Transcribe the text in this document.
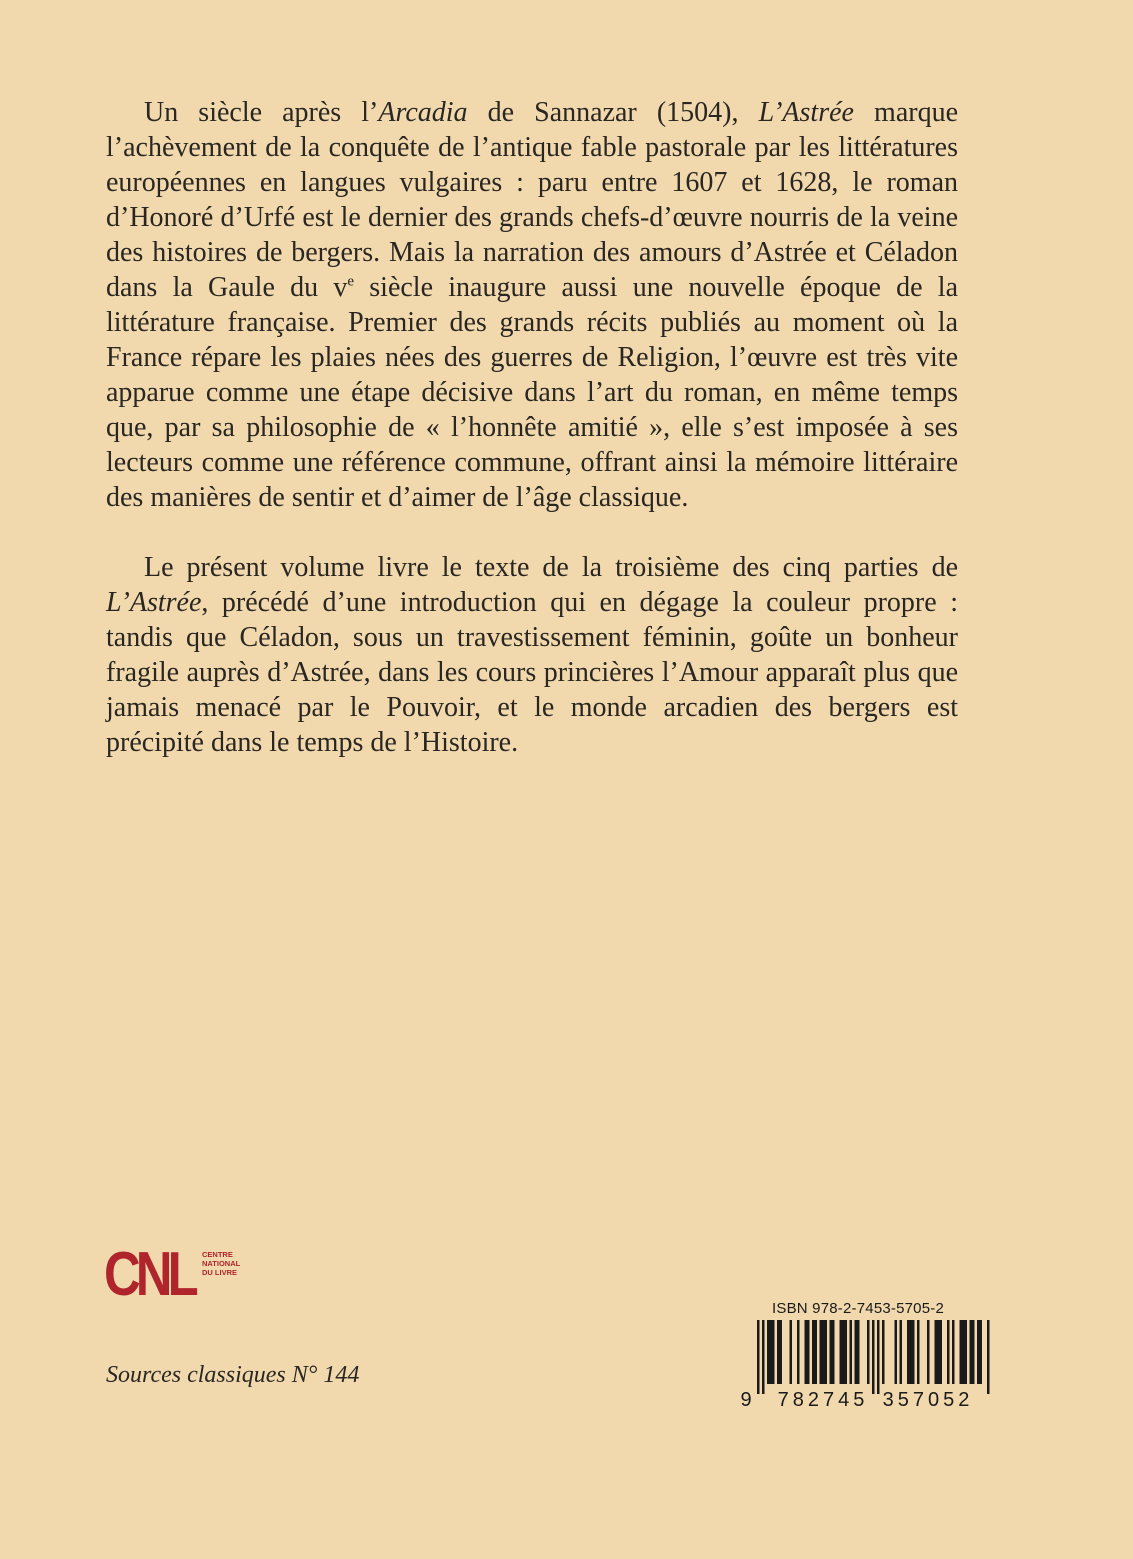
Un siècle après l’Arcadia de Sannazar (1504), L’Astrée marque l’achèvement de la conquête de l’antique fable pastorale par les littératures européennes en langues vulgaires : paru entre 1607 et 1628, le roman d’Honoré d’Urfé est le dernier des grands chefs-d’œuvre nourris de la veine des histoires de bergers. Mais la narration des amours d’Astrée et Céladon dans la Gaule du $v^e$ siècle inaugure aussi une nouvelle époque de la littérature française. Premier des grands récits publiés au moment où la France répare les plaies nées des guerres de Religion, l’œuvre est très vite apparue comme une étape décisive dans l’art du roman, en même temps que, par sa philosophie de « l’honnête amitié », elle s’est imposée à ses lecteurs comme une référence commune, offrant ainsi la mémoire littéraire des manières de sentir et d’aimer de l’âge classique.

Le présent volume livre le texte de la troisième des cinq parties de L’Astrée, précédé d’une introduction qui en dégage la couleur propre : tandis que Céladon, sous un travestissement féminin, goûte un bonheur fragile auprès d’Astrée, dans les cours princières l’Amour apparaît plus que jamais menacé par le Pouvoir, et le monde arcadien des bergers est précipité dans le temps de l’Histoire.

CNL	CENTRE
NATIONAL
DU LIVRE

Sources classiques N° 144

ISBN 978-2-7453-5705-2
9 782745 357052
